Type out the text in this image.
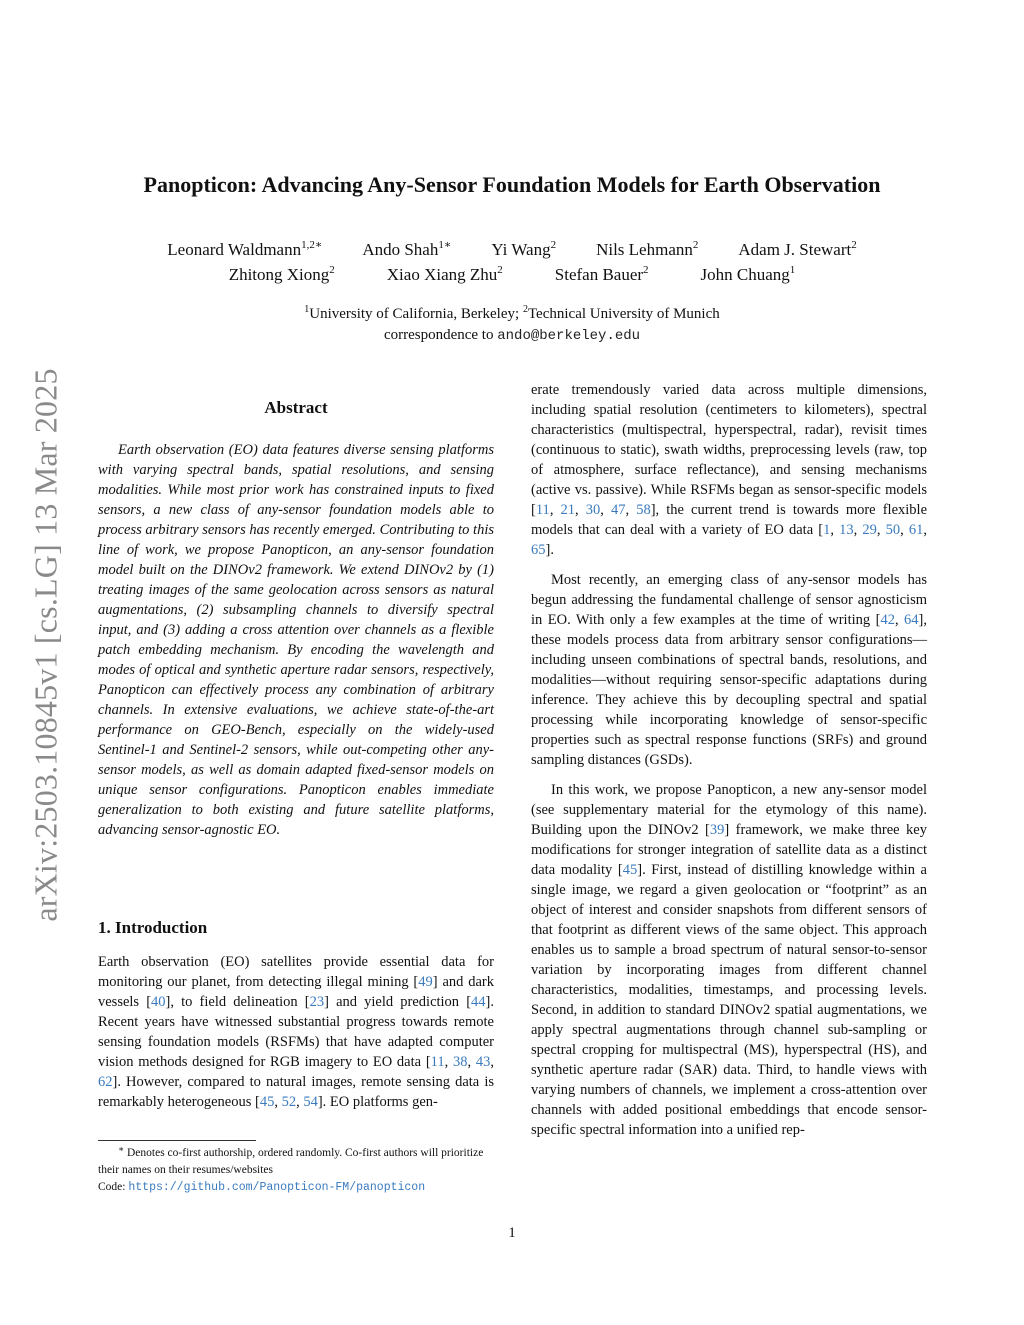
arXiv:2503.10845v1 [cs.LG] 13 Mar 2025
Panopticon: Advancing Any-Sensor Foundation Models for Earth Observation
Leonard Waldmann$^{1,2∗}$ Ando Shah$^{1∗}$ Yi Wang$^2$ Nils Lehmann$^2$ Adam J. Stewart$^2$
Zhitong Xiong$^2$	Xiao Xiang Zhu$^2$	Stefan Bauer$^2$	John Chuang$^1$
$^1$University of California, Berkeley; $^2$Technical University of Munich
correspondence to ando@berkeley.edu
Abstract

Earth observation (EO) data features diverse sensing platforms with varying spectral bands, spatial resolutions, and sensing modalities. While most prior work has constrained inputs to fixed sensors, a new class of any-sensor foundation models able to process arbitrary sensors has recently emerged. Contributing to this line of work, we propose Panopticon, an any-sensor foundation model built on the DINOv2 framework. We extend DINOv2 by (1) treating images of the same geolocation across sensors as natural augmentations, (2) subsampling channels to diversify spectral input, and (3) adding a cross attention over channels as a flexible patch embedding mechanism. By encoding the wavelength and modes of optical and synthetic aperture radar sensors, respectively, Panopticon can effectively process any combination of arbitrary channels. In extensive evaluations, we achieve state-of-the-art performance on GEO-Bench, especially on the widely-used Sentinel-1 and Sentinel-2 sensors, while out-competing other any-sensor models, as well as domain adapted fixed-sensor models on unique sensor configurations. Panopticon enables immediate generalization to both existing and future satellite platforms, advancing sensor-agnostic EO.

1. Introduction

Earth observation (EO) satellites provide essential data for monitoring our planet, from detecting illegal mining [49] and dark vessels [40], to field delineation [23] and yield prediction [44]. Recent years have witnessed substantial progress towards remote sensing foundation models (RSFMs) that have adapted computer vision methods designed for RGB imagery to EO data [11, 38, 43, 62]. However, compared to natural images, remote sensing data is remarkably heterogeneous [45, 52, 54]. EO platforms gen-

∗ Denotes co-first authorship, ordered randomly. Co-first authors will prioritize their names on their resumes/websites
Code: https://github.com/Panopticon-FM/panopticon

erate tremendously varied data across multiple dimensions, including spatial resolution (centimeters to kilometers), spectral characteristics (multispectral, hyperspectral, radar), revisit times (continuous to static), swath widths, preprocessing levels (raw, top of atmosphere, surface reflectance), and sensing mechanisms (active vs. passive). While RSFMs began as sensor-specific models [11, 21, 30, 47, 58], the current trend is towards more flexible models that can deal with a variety of EO data [1, 13, 29, 50, 61, 65].

Most recently, an emerging class of any-sensor models has begun addressing the fundamental challenge of sensor agnosticism in EO. With only a few examples at the time of writing [42, 64], these models process data from arbitrary sensor configurations—including unseen combinations of spectral bands, resolutions, and modalities—without requiring sensor-specific adaptations during inference. They achieve this by decoupling spectral and spatial processing while incorporating knowledge of sensor-specific properties such as spectral response functions (SRFs) and ground sampling distances (GSDs).

In this work, we propose Panopticon, a new any-sensor model (see supplementary material for the etymology of this name). Building upon the DINOv2 [39] framework, we make three key modifications for stronger integration of satellite data as a distinct data modality [45]. First, instead of distilling knowledge within a single image, we regard a given geolocation or “footprint” as an object of interest and consider snapshots from different sensors of that footprint as different views of the same object. This approach enables us to sample a broad spectrum of natural sensor-to-sensor variation by incorporating images from different channel characteristics, modalities, timestamps, and processing levels. Second, in addition to standard DINOv2 spatial augmentations, we apply spectral augmentations through channel sub-sampling or spectral cropping for multispectral (MS), hyperspectral (HS), and synthetic aperture radar (SAR) data. Third, to handle views with varying numbers of channels, we implement a cross-attention over channels with added positional embeddings that encode sensor-specific spectral information into a unified rep-

1
